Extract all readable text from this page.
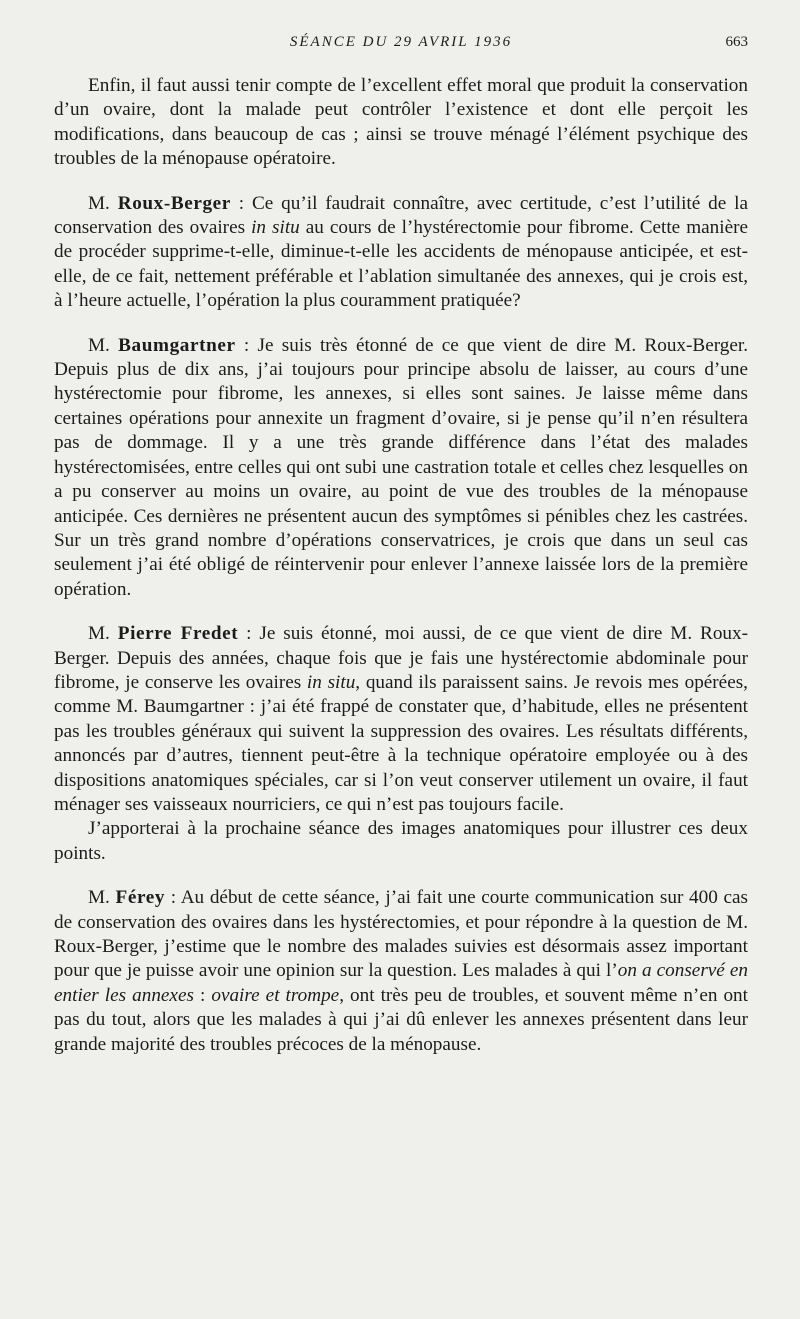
SÉANCE DU 29 AVRIL 1936	663

Enfin, il faut aussi tenir compte de l’excellent effet moral que produit la conservation d’un ovaire, dont la malade peut contrôler l’existence et dont elle perçoit les modifications, dans beaucoup de cas ; ainsi se trouve ménagé l’élément psychique des troubles de la ménopause opératoire.

M. Roux-Berger : Ce qu’il faudrait connaître, avec certitude, c’est l’utilité de la conservation des ovaires in situ au cours de l’hystérectomie pour fibrome. Cette manière de procéder supprime-t-elle, diminue-t-elle les accidents de ménopause anticipée, et est-elle, de ce fait, nettement préférable et l’ablation simultanée des annexes, qui je crois est, à l’heure actuelle, l’opération la plus couramment pratiquée?

M. Baumgartner : Je suis très étonné de ce que vient de dire M. Roux-Berger. Depuis plus de dix ans, j’ai toujours pour principe absolu de laisser, au cours d’une hystérectomie pour fibrome, les annexes, si elles sont saines. Je laisse même dans certaines opérations pour annexite un fragment d’ovaire, si je pense qu’il n’en résultera pas de dommage. Il y a une très grande différence dans l’état des malades hystérectomisées, entre celles qui ont subi une castration totale et celles chez lesquelles on a pu conserver au moins un ovaire, au point de vue des troubles de la ménopause anticipée. Ces dernières ne présentent aucun des symptômes si pénibles chez les castrées. Sur un très grand nombre d’opérations conservatrices, je crois que dans un seul cas seulement j’ai été obligé de réintervenir pour enlever l’annexe laissée lors de la première opération.

M. Pierre Fredet : Je suis étonné, moi aussi, de ce que vient de dire M. Roux-Berger. Depuis des années, chaque fois que je fais une hystérectomie abdominale pour fibrome, je conserve les ovaires in situ, quand ils paraissent sains. Je revois mes opérées, comme M. Baumgartner : j’ai été frappé de constater que, d’habitude, elles ne présentent pas les troubles généraux qui suivent la suppression des ovaires. Les résultats différents, annoncés par d’autres, tiennent peut-être à la technique opératoire employée ou à des dispositions anatomiques spéciales, car si l’on veut conserver utilement un ovaire, il faut ménager ses vaisseaux nourriciers, ce qui n’est pas toujours facile.

J’apporterai à la prochaine séance des images anatomiques pour illustrer ces deux points.

M. Férey : Au début de cette séance, j’ai fait une courte communication sur 400 cas de conservation des ovaires dans les hystérectomies, et pour répondre à la question de M. Roux-Berger, j’estime que le nombre des malades suivies est désormais assez important pour que je puisse avoir une opinion sur la question. Les malades à qui l’on a conservé en entier les annexes : ovaire et trompe, ont très peu de troubles, et souvent même n’en ont pas du tout, alors que les malades à qui j’ai dû enlever les annexes présentent dans leur grande majorité des troubles précoces de la ménopause.
